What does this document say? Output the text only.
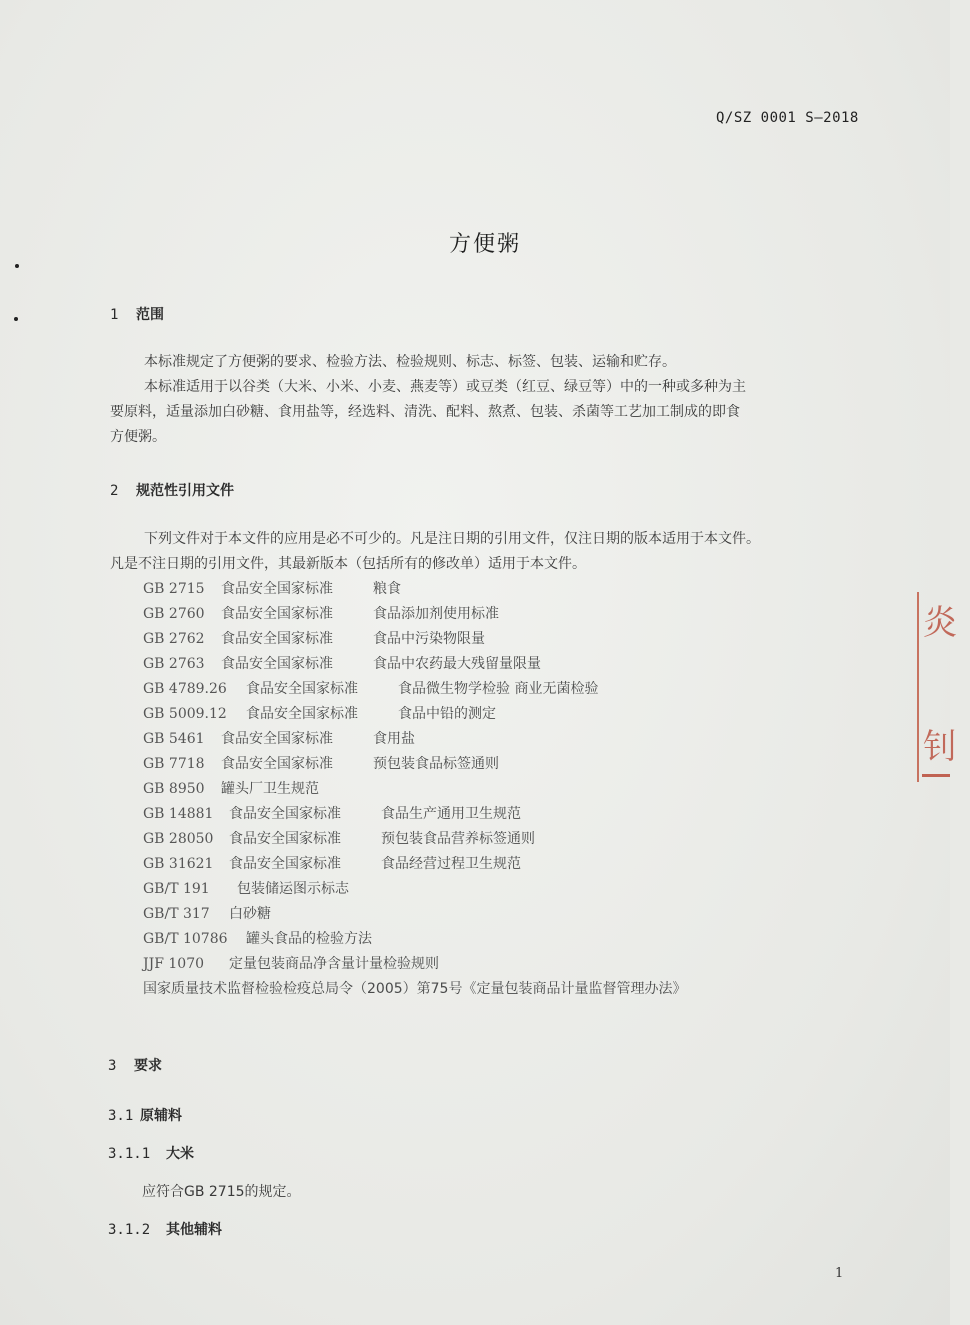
Q/SZ 0001 S—2018
方便粥
1 范围
本标准规定了方便粥的要求、检验方法、检验规则、标志、标签、包装、运输和贮存。
本标准适用于以谷类（大米、小米、小麦、燕麦等）或豆类（红豆、绿豆等）中的一种或多种为主
要原料，适量添加白砂糖、食用盐等，经选料、清洗、配料、熬煮、包装、杀菌等工艺加工制成的即食
方便粥。
2 规范性引用文件
下列文件对于本文件的应用是必不可少的。凡是注日期的引用文件，仅注日期的版本适用于本文件。
凡是不注日期的引用文件，其最新版本（包括所有的修改单）适用于本文件。
GB 2715 食品安全国家标准	粮食
GB 2760 食品安全国家标准	食品添加剂使用标准
GB 2762 食品安全国家标准	食品中污染物限量
GB 2763 食品安全国家标准	食品中农药最大残留量限量
GB 4789.26 食品安全国家标准	食品微生物学检验 商业无菌检验
GB 5009.12 食品安全国家标准	食品中铅的测定
GB 5461 食品安全国家标准	食用盐
GB 7718 食品安全国家标准	预包装食品标签通则
GB 8950 罐头厂卫生规范
GB 14881 食品安全国家标准	食品生产通用卫生规范
GB 28050 食品安全国家标准	预包装食品营养标签通则
GB 31621 食品安全国家标准	食品经营过程卫生规范
GB/T 191 包装储运图示标志
GB/T 317 白砂糖
GB/T 10786 罐头食品的检验方法
JJF 1070 定量包装商品净含量计量检验规则
国家质量技术监督检验检疫总局令（2005）第75号《定量包装商品计量监督管理办法》
3 要求
3.1 原辅料
3.1.1 大米
应符合GB 2715的规定。
3.1.2 其他辅料
炎

钊
1
